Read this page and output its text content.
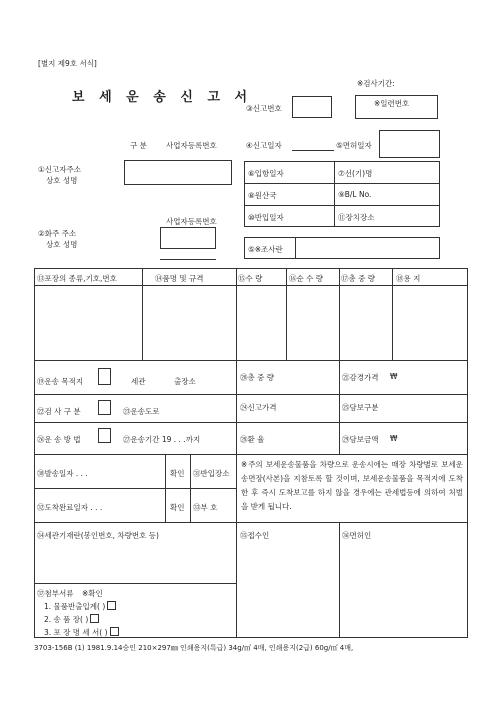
[별지 제9호 서식]
※검사기간:
보 세 운 송 신 고 서
③신고번호
※일련번호
구 분	사업자등록번호	④신고일자	⑤면허일자
①신고자주소
상호 성명
⑥입항일자	⑦선(기)명
⑧원산국	⑨B/L No.
⑩반입일자	⑪장치장소
사업자등록번호
②화주 주소
상호 성명
⑤※조사란
⑬포장의 종류,기호,번호	⑭품명 및 규격	⑮수 량	⑯순 수 량 ⑰총 중 량	⑱용 지
⑲운송 목적지	세관	출장소	⑳총 중 량	㉑감경가격 ₩
㉒검 사 구 분	㉓운송도로	㉔신고가격	㉕담보구분
㉖운 송 방 법	㉗운송기간 19 . . .까지	㉘환 율	㉙담보금액 ₩
㉚발송일자 . . .	확인 ㉛반입장소
㉜도착완료일자 . . .	확인 ㉝부 호
※주의 보세운송물품을 차량으로 운송시에는 매장 차량별로 보세운송면장(사본)을 지참토록 할 것이며, 보세운송물품을 목적지에 도착한 후 즉시 도착보고를 하지 않을 경우에는 관세법등에 의하여 처벌을 받게 됩니다.
㉞세관기재란(봉인번호, 차량번호 등)	㉟접수인	㊱면허인
㊲첨부서류 ※확인
1. 물품반출입계( )
2. 송 품 장( )
3. 포 장 명 세 서( )
3703-156B (1) 1981.9.14승인 210×297㎜ 인쇄용지(특급) 34g/㎡ 4매, 인쇄용지(2급) 60g/㎡ 4매,
